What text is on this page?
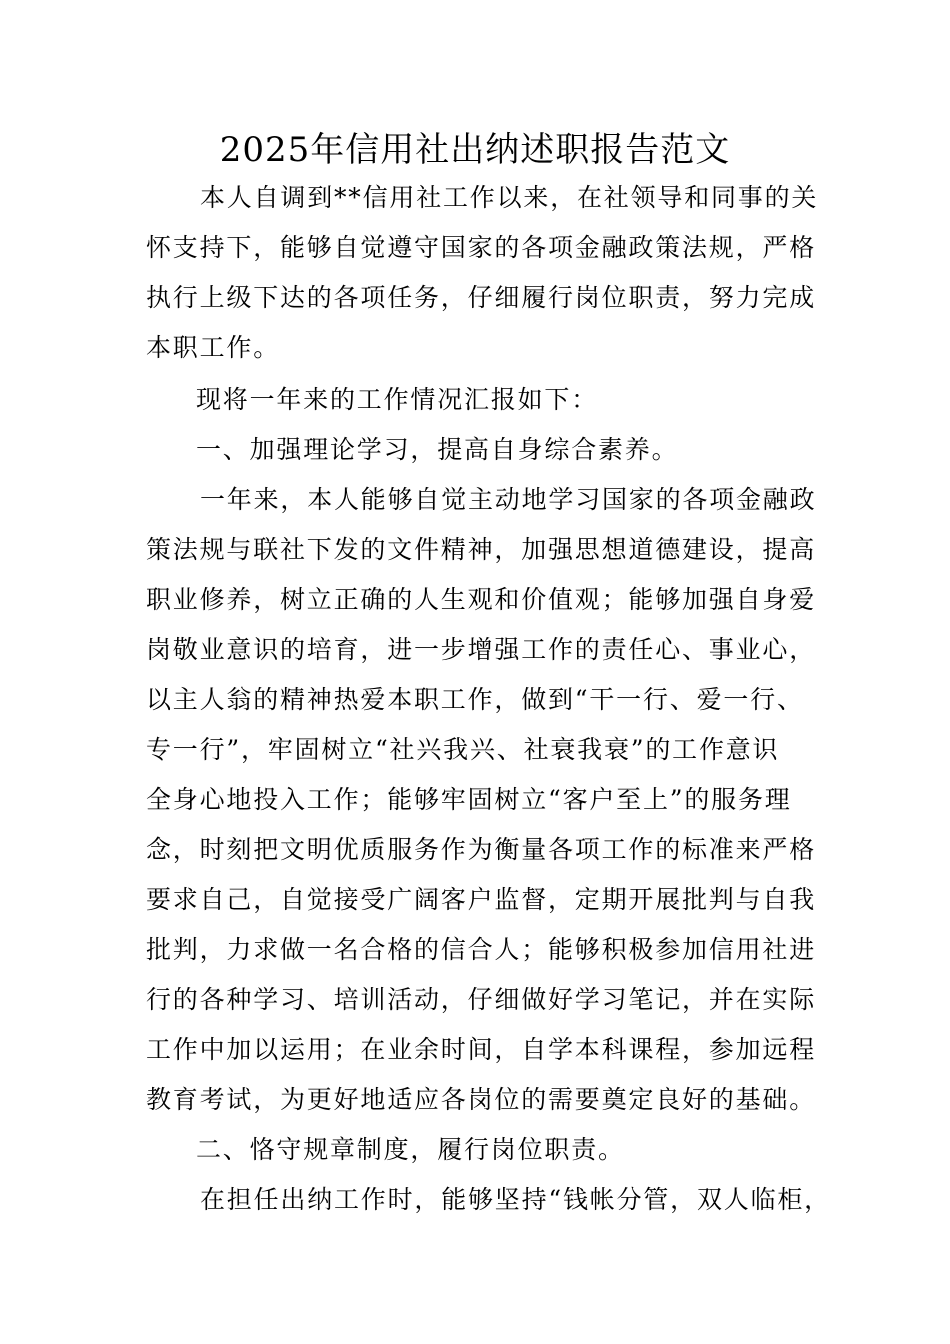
2025年信用社出纳述职报告范文
本人自调到**信用社工作以来，在社领导和同事的关
怀支持下，能够自觉遵守国家的各项金融政策法规，严格
执行上级下达的各项任务，仔细履行岗位职责，努力完成
本职工作。
现将一年来的工作情况汇报如下：
一、加强理论学习，提高自身综合素养。
一年来，本人能够自觉主动地学习国家的各项金融政
策法规与联社下发的文件精神，加强思想道德建设，提高
职业修养，树立正确的人生观和价值观；能够加强自身爱
岗敬业意识的培育，进一步增强工作的责任心、事业心，
以主人翁的精神热爱本职工作，做到“干一行、爱一行、
专一行”，牢固树立“社兴我兴、社衰我衰”的工作意识
全身心地投入工作；能够牢固树立“客户至上”的服务理
念，时刻把文明优质服务作为衡量各项工作的标准来严格
要求自己，自觉接受广阔客户监督，定期开展批判与自我
批判，力求做一名合格的信合人；能够积极参加信用社进
行的各种学习、培训活动，仔细做好学习笔记，并在实际
工作中加以运用；在业余时间，自学本科课程，参加远程
教育考试，为更好地适应各岗位的需要奠定良好的基础。
二、恪守规章制度，履行岗位职责。
在担任出纳工作时，能够坚持“钱帐分管，双人临柜，
